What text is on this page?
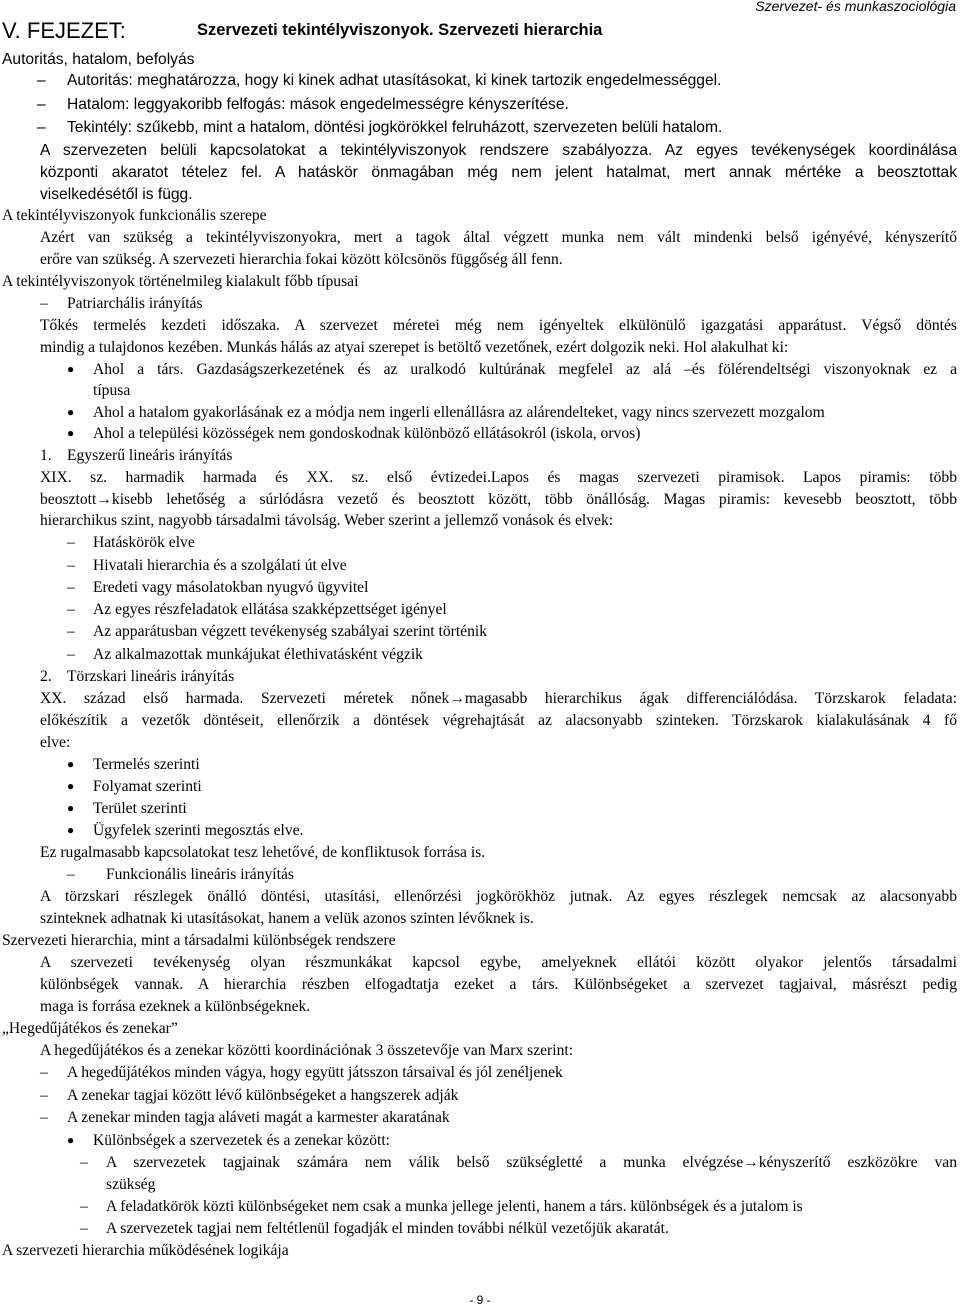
Szervezet- és munkaszociológia
V. FEJEZET:	Szervezeti tekintélyviszonyok. Szervezeti hierarchia
Autoritás, hatalom, befolyás
– Autoritás: meghatározza, hogy ki kinek adhat utasításokat, ki kinek tartozik engedelmességgel.
– Hatalom: leggyakoribb felfogás: mások engedelmességre kényszerítése.
– Tekintély: szűkebb, mint a hatalom, döntési jogkörökkel felruházott, szervezeten belüli hatalom.
A szervezeten belüli kapcsolatokat a tekintélyviszonyok rendszere szabályozza. Az egyes tevékenységek koordinálása
központi akaratot tételez fel. A hatáskör önmagában még nem jelent hatalmat, mert annak mértéke a beosztottak
viselkedésétől is függ.
A tekintélyviszonyok funkcionális szerepe
Azért van szükség a tekintélyviszonyokra, mert a tagok által végzett munka nem vált mindenki belső igényévé, kényszerítő
erőre van szükség. A szervezeti hierarchia fokai között kölcsönös függőség áll fenn.
A tekintélyviszonyok történelmileg kialakult főbb típusai
– Patriarchális irányítás
Tőkés termelés kezdeti időszaka. A szervezet méretei még nem igényeltek elkülönülő igazgatási apparátust. Végső döntés
mindig a tulajdonos kezében. Munkás hálás az atyai szerepet is betöltő vezetőnek, ezért dolgozik neki. Hol alakulhat ki:
● Ahol a társ. Gazdaságszerkezetének és az uralkodó kultúrának megfelel az alá –és fölérendeltségi viszonyoknak ez a
típusa
● Ahol a hatalom gyakorlásának ez a módja nem ingerli ellenállásra az alárendelteket, vagy nincs szervezett mozgalom
● Ahol a települési közösségek nem gondoskodnak különböző ellátásokról (iskola, orvos)
1. Egyszerű lineáris irányítás
XIX. sz. harmadik harmada és XX. sz. első évtizedei.Lapos és magas szervezeti piramisok. Lapos piramis: több
beosztott→kisebb lehetőség a súrlódásra vezető és beosztott között, több önállóság. Magas piramis: kevesebb beosztott, több
hierarchikus szint, nagyobb társadalmi távolság. Weber szerint a jellemző vonások és elvek:
– Hatáskörök elve
– Hivatali hierarchia és a szolgálati út elve
– Eredeti vagy másolatokban nyugvó ügyvitel
– Az egyes részfeladatok ellátása szakképzettséget igényel
– Az apparátusban végzett tevékenység szabályai szerint történik
– Az alkalmazottak munkájukat élethivatásként végzik
2. Törzskari lineáris irányítás
XX. század első harmada. Szervezeti méretek nőnek→magasabb hierarchikus ágak differenciálódása. Törzskarok feladata:
előkészítik a vezetők döntéseit, ellenőrzik a döntések végrehajtását az alacsonyabb szinteken. Törzskarok kialakulásának 4 fő
elve:
● Termelés szerinti
● Folyamat szerinti
● Terület szerinti
● Ügyfelek szerinti megosztás elve.
Ez rugalmasabb kapcsolatokat tesz lehetővé, de konfliktusok forrása is.
– Funkcionális lineáris irányítás
A törzskari részlegek önálló döntési, utasítási, ellenőrzési jogkörökhöz jutnak. Az egyes részlegek nemcsak az alacsonyabb
szinteknek adhatnak ki utasításokat, hanem a velük azonos szinten lévőknek is.
Szervezeti hierarchia, mint a társadalmi különbségek rendszere
A szervezeti tevékenység olyan részmunkákat kapcsol egybe, amelyeknek ellátói között olyakor jelentős társadalmi
különbségek vannak. A hierarchia részben elfogadtatja ezeket a társ. Különbségeket a szervezet tagjaival, másrészt pedig
maga is forrása ezeknek a különbségeknek.
„Hegedűjátékos és zenekar”
A hegedűjátékos és a zenekar közötti koordinációnak 3 összetevője van Marx szerint:
– A hegedűjátékos minden vágya, hogy együtt játsszon társaival és jól zenéljenek
– A zenekar tagjai között lévő különbségeket a hangszerek adják
– A zenekar minden tagja aláveti magát a karmester akaratának
● Különbségek a szervezetek és a zenekar között:
– A szervezetek tagjainak számára nem válik belső szükségletté a munka elvégzése→kényszerítő eszközökre van
szükség
– A feladatkörök közti különbségeket nem csak a munka jellege jelenti, hanem a társ. különbségek és a jutalom is
– A szervezetek tagjai nem feltétlenül fogadják el minden további nélkül vezetőjük akaratát.
A szervezeti hierarchia működésének logikája
- 9 -
